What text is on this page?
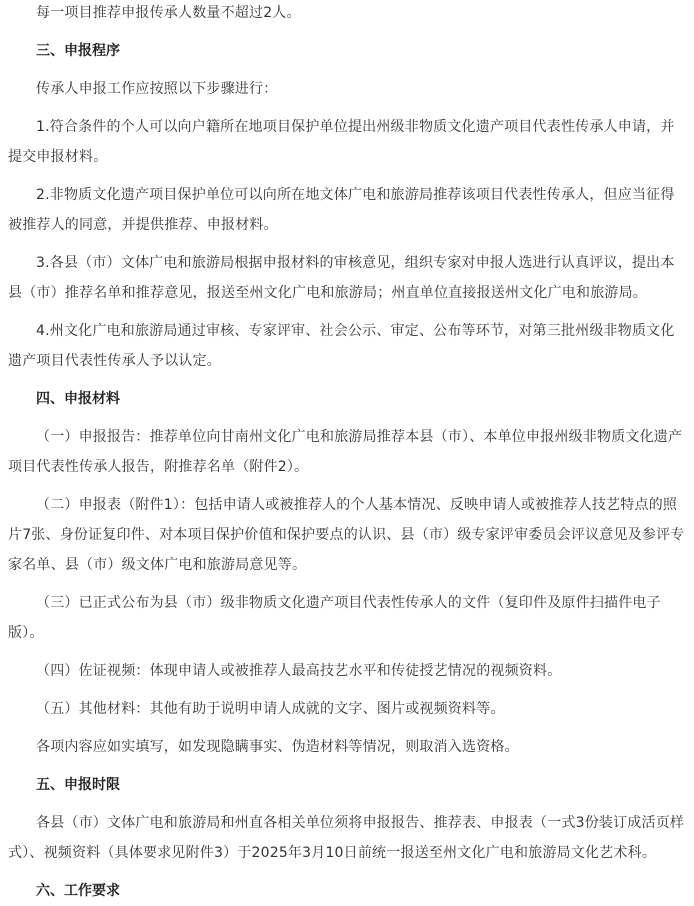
每一项目推荐申报传承人数量不超过2人。

三、申报程序

传承人申报工作应按照以下步骤进行：

1.符合条件的个人可以向户籍所在地项目保护单位提出州级非物质文化遗产项目代表性传承人申请，并提交申报材料。

2.非物质文化遗产项目保护单位可以向所在地文体广电和旅游局推荐该项目代表性传承人，但应当征得被推荐人的同意，并提供推荐、申报材料。

3.各县（市）文体广电和旅游局根据申报材料的审核意见，组织专家对申报人选进行认真评议，提出本县（市）推荐名单和推荐意见，报送至州文化广电和旅游局；州直单位直接报送州文化广电和旅游局。

4.州文化广电和旅游局通过审核、专家评审、社会公示、审定、公布等环节，对第三批州级非物质文化遗产项目代表性传承人予以认定。

四、申报材料

（一）申报报告：推荐单位向甘南州文化广电和旅游局推荐本县（市）、本单位申报州级非物质文化遗产项目代表性传承人报告，附推荐名单（附件2）。

（二）申报表（附件1）：包括申请人或被推荐人的个人基本情况、反映申请人或被推荐人技艺特点的照片7张、身份证复印件、对本项目保护价值和保护要点的认识、县（市）级专家评审委员会评议意见及参评专家名单、县（市）级文体广电和旅游局意见等。

（三）已正式公布为县（市）级非物质文化遗产项目代表性传承人的文件（复印件及原件扫描件电子版）。

（四）佐证视频：体现申请人或被推荐人最高技艺水平和传徒授艺情况的视频资料。

（五）其他材料：其他有助于说明申请人成就的文字、图片或视频资料等。

各项内容应如实填写，如发现隐瞒事实、伪造材料等情况，则取消入选资格。

五、申报时限

各县（市）文体广电和旅游局和州直各相关单位须将申报报告、推荐表、申报表（一式3份装订成活页样式）、视频资料（具体要求见附件3）于2025年3月10日前统一报送至州文化广电和旅游局文化艺术科。

六、工作要求
